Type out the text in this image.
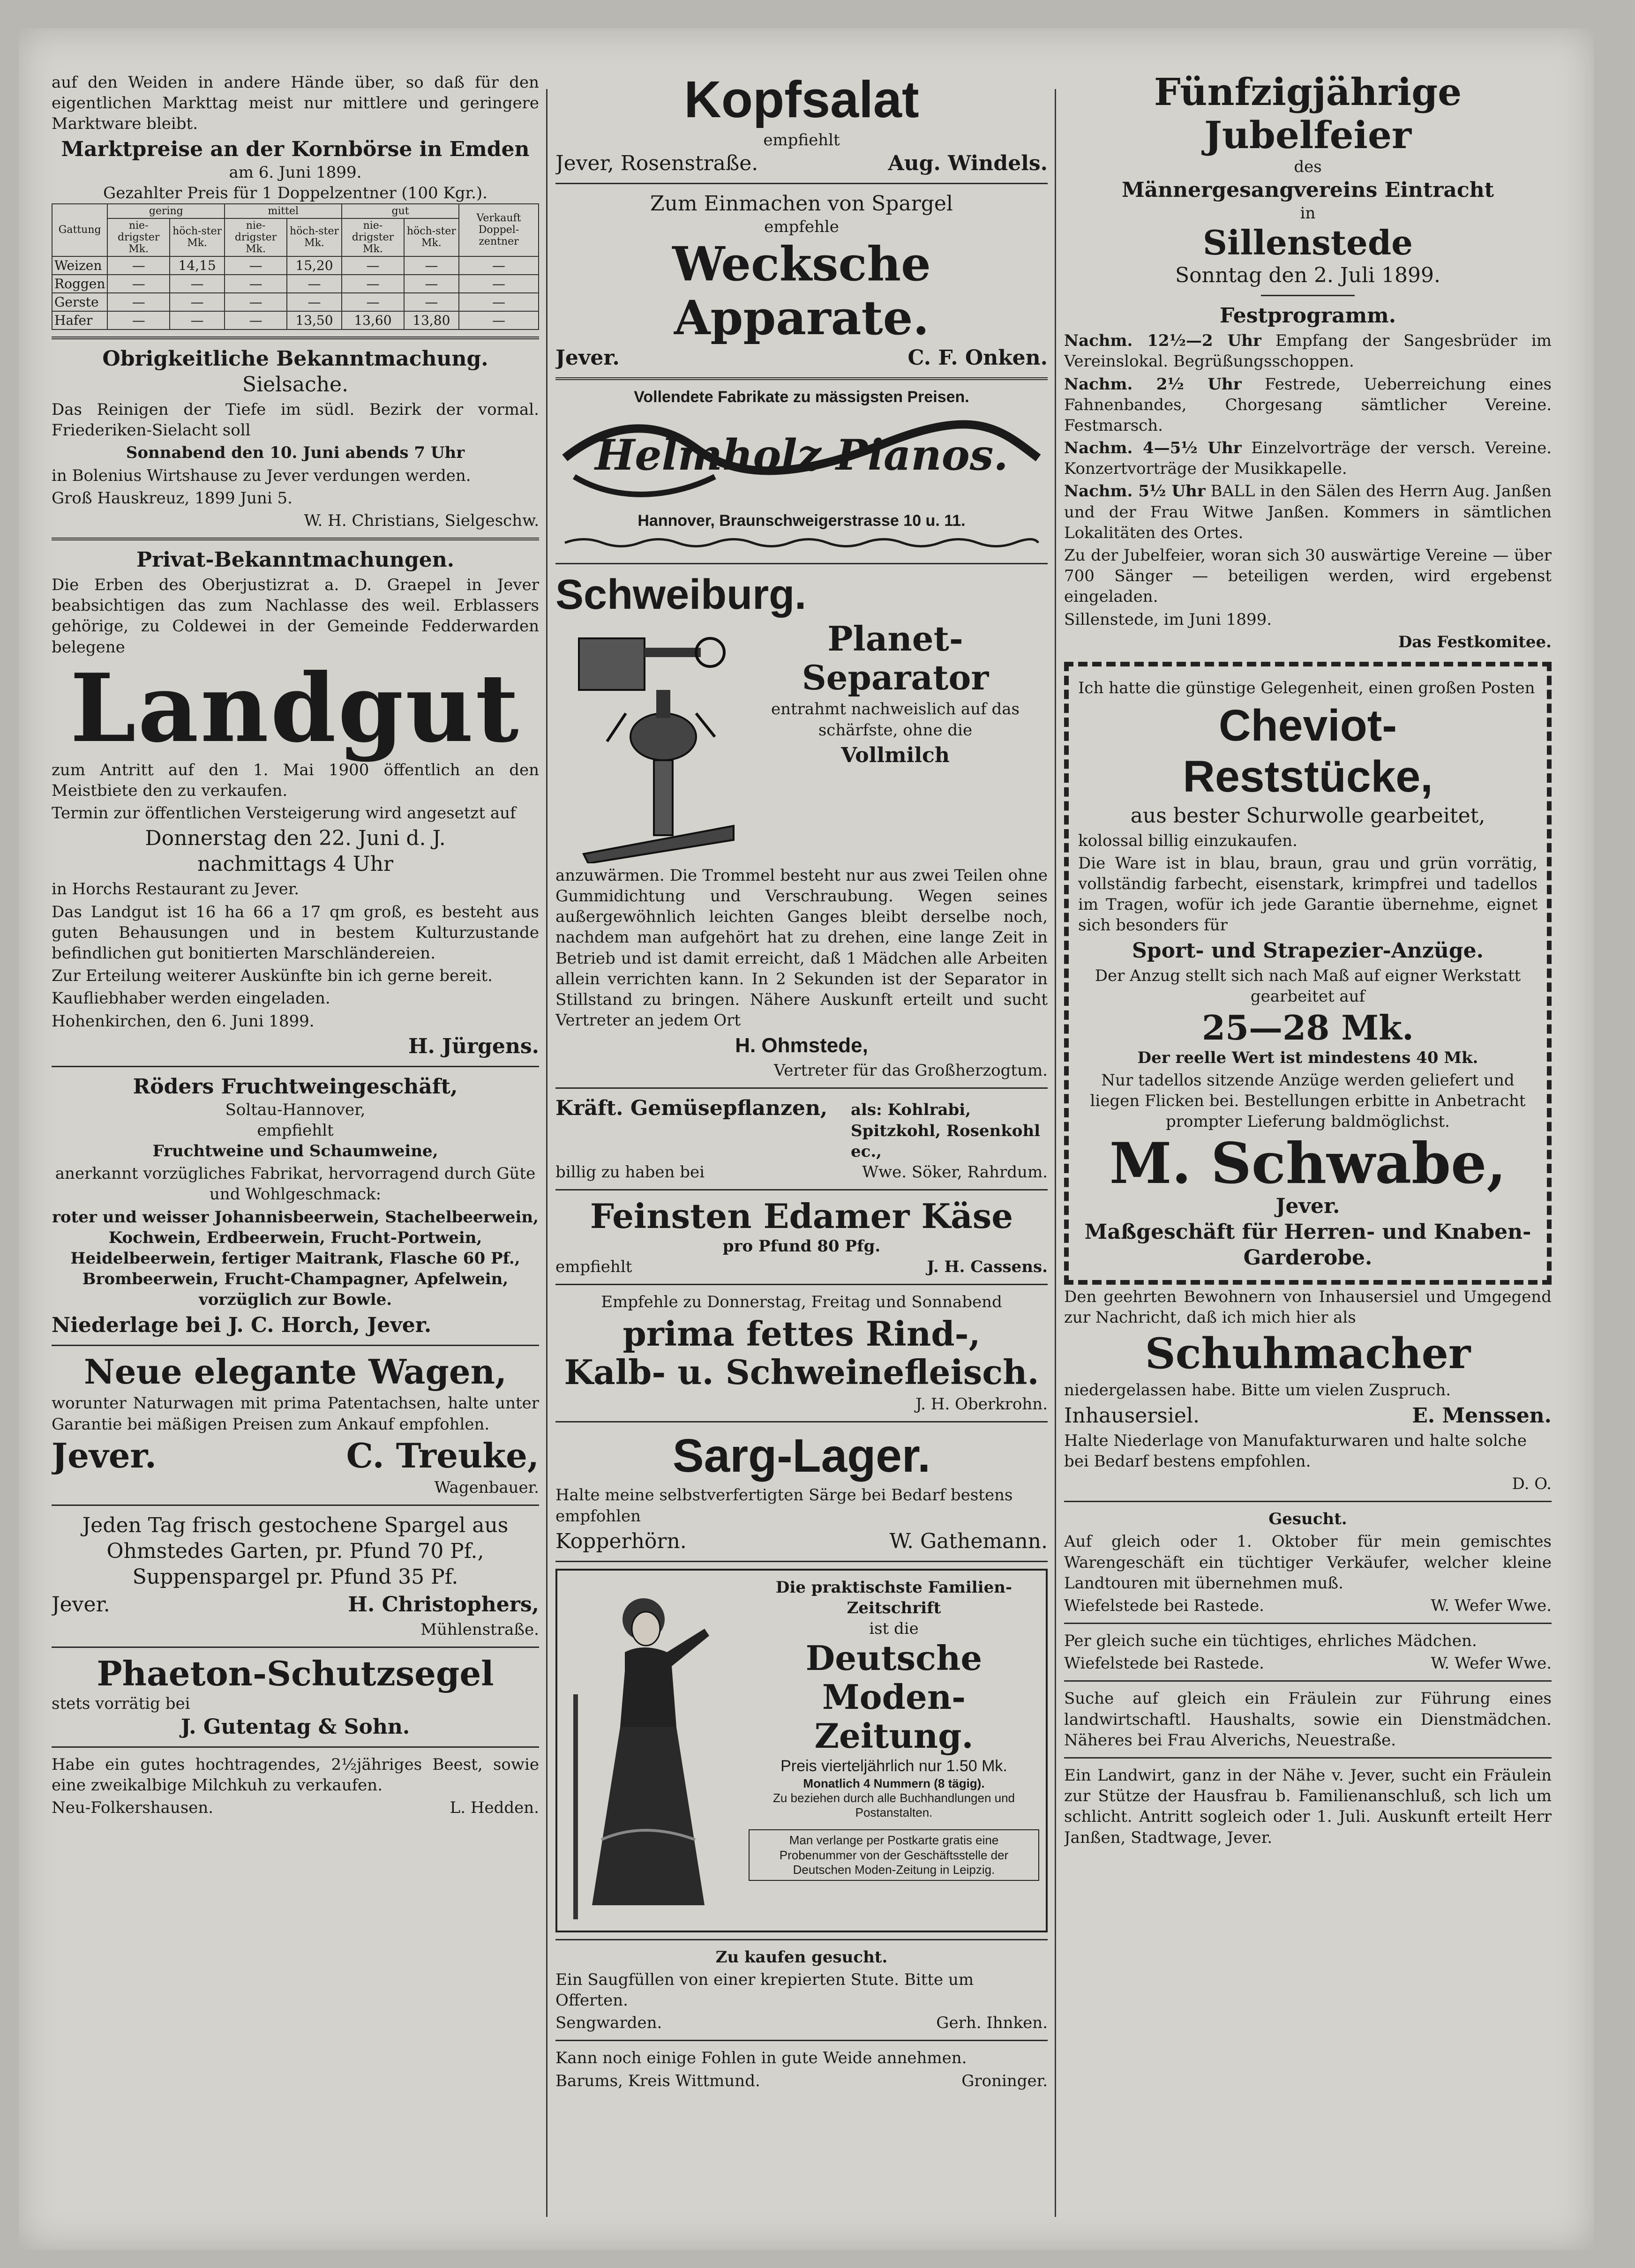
auf den Weiden in andere Hände über, so daß für den eigentlichen Markttag meist nur mittlere und geringere Marktware bleibt.

Marktpreise an der Kornbörse in Emden
am 6. Juni 1899.
Gezahlter Preis für 1 Doppelzentner (100 Kgr.).
Gattung	gering		mittel		gut		Verkauft Doppel-zentner
	nie-drigster Mk.	höch-ster Mk.	nie-drigster Mk.	höch-ster Mk.	nie-drigster Mk.	höch-ster Mk.	
Weizen	—	14,15	—	15,20	—	—	—
Roggen	—	—	—	—	—	—	—
Gerste	—	—	—	—	—	—	—
Hafer	—	—	—	13,50	13,60	13,80	—
Obrigkeitliche Bekanntmachung.
Sielsache.

Das Reinigen der Tiefe im südl. Bezirk der vormal. Friederiken-Sielacht soll

Sonnabend den 10. Juni abends 7 Uhr

in Bolenius Wirtshause zu Jever verdungen werden.

Groß Hauskreuz, 1899 Juni 5.

W. H. Christians, Sielgeschw.

Privat-Bekanntmachungen.

Die Erben des Oberjustizrat a. D. Graepel in Jever beabsichtigen das zum Nachlasse des weil. Erblassers gehörige, zu Coldewei in der Gemeinde Fedderwarden belegene

Landgut

zum Antritt auf den 1. Mai 1900 öffentlich an den Meistbiete den zu verkaufen.

Termin zur öffentlichen Versteigerung wird angesetzt auf

Donnerstag den 22. Juni d. J.
nachmittags 4 Uhr

in Horchs Restaurant zu Jever.

Das Landgut ist 16 ha 66 a 17 qm groß, es besteht aus guten Behausungen und in bestem Kulturzustande befindlichen gut bonitierten Marschländereien.

Zur Erteilung weiterer Auskünfte bin ich gerne bereit.

Kaufliebhaber werden eingeladen.

Hohenkirchen, den 6. Juni 1899.

H. Jürgens.

Röders Fruchtweingeschäft,
Soltau-Hannover,
empfiehlt
Fruchtweine und Schaumweine,

anerkannt vorzügliches Fabrikat, hervorragend durch Güte und Wohlgeschmack:

roter und weisser Johannisbeerwein, Stachelbeerwein, Kochwein, Erdbeerwein, Frucht-Portwein, Heidelbeerwein, fertiger Maitrank, Flasche 60 Pf., Brombeerwein, Frucht-Champagner, Apfelwein, vorzüglich zur Bowle.

Niederlage bei J. C. Horch, Jever.
Neue elegante Wagen,

worunter Naturwagen mit prima Patentachsen, halte unter Garantie bei mäßigen Preisen zum Ankauf empfohlen.

Jever.	C. Treuke,

Wagenbauer.

Jeden Tag frisch gestochene Spargel aus Ohmstedes Garten, pr. Pfund 70 Pf., Suppenspargel pr. Pfund 35 Pf.

Jever.	H. Christophers,

Mühlenstraße.

Phaeton-Schutzsegel
stets vorrätig bei
J. Gutentag & Sohn.

Habe ein gutes hochtragendes, 2½jähriges Beest, sowie eine zweikalbige Milchkuh zu verkaufen.

Neu-Folkershausen.	L. Hedden.
Kopfsalat
empfiehlt
Jever, Rosenstraße.	Aug. Windels.
Zum Einmachen von Spargel
empfehle
Wecksche Apparate.
Jever.	C. F. Onken.
Vollendete Fabrikate zu mässigsten Preisen.
Helmholz Pianos.
Hannover, Braunschweigerstrasse 10 u. 11.
Schweiburg.
Planet-
Separator

entrahmt nachweislich auf das schärfste, ohne die

Vollmilch

anzuwärmen. Die Trommel besteht nur aus zwei Teilen ohne Gummidichtung und Verschraubung. Wegen seines außergewöhnlich leichten Ganges bleibt derselbe noch, nachdem man aufgehört hat zu drehen, eine lange Zeit in Betrieb und ist damit erreicht, daß 1 Mädchen alle Arbeiten allein verrichten kann. In 2 Sekunden ist der Separator in Stillstand zu bringen. Nähere Auskunft erteilt und sucht Vertreter an jedem Ort

H. Ohmstede,

Vertreter für das Großherzogtum.

Kräft. Gemüsepflanzen, als: Kohlrabi, Spitzkohl, Rosenkohl ec.,
billig zu haben bei	Wwe. Söker, Rahrdum.
Feinsten Edamer Käse
pro Pfund 80 Pfg.
empfiehlt	J. H. Cassens.

Empfehle zu Donnerstag, Freitag und Sonnabend

prima fettes Rind-,
Kalb- u. Schweinefleisch.

J. H. Oberkrohn.

Sarg-Lager.

Halte meine selbstverfertigten Särge bei Bedarf bestens empfohlen

Kopperhörn.	W. Gathemann.
Die praktischste Familien-Zeitschrift
ist die
Deutsche
Moden-Zeitung.
Preis vierteljährlich nur 1.50 Mk.
Monatlich 4 Nummern (8 tägig).
Zu beziehen durch alle Buchhandlungen und Postanstalten.
Man verlange per Postkarte gratis eine Probenummer von der Geschäftsstelle der Deutschen Moden-Zeitung in Leipzig.
Zu kaufen gesucht.

Ein Saugfüllen von einer krepierten Stute. Bitte um Offerten.

Sengwarden.	Gerh. Ihnken.

Kann noch einige Fohlen in gute Weide annehmen.

Barums, Kreis Wittmund.	Groninger.
Fünfzigjährige Jubelfeier
des
Männergesangvereins Eintracht
in
Sillenstede
Sonntag den 2. Juli 1899.
Festprogramm.

Nachm. 12½—2 Uhr Empfang der Sangesbrüder im Vereinslokal. Begrüßungsschoppen.

Nachm. 2½ Uhr Festrede, Ueberreichung eines Fahnenbandes, Chorgesang sämtlicher Vereine. Festmarsch.

Nachm. 4—5½ Uhr Einzelvorträge der versch. Vereine. Konzertvorträge der Musikkapelle.

Nachm. 5½ Uhr BALL in den Sälen des Herrn Aug. Janßen und der Frau Witwe Janßen. Kommers in sämtlichen Lokalitäten des Ortes.

Zu der Jubelfeier, woran sich 30 auswärtige Vereine — über 700 Sänger — beteiligen werden, wird ergebenst eingeladen.

Sillenstede, im Juni 1899.

Das Festkomitee.

Ich hatte die günstige Gelegenheit, einen großen Posten

Cheviot-
Reststücke,
aus bester Schurwolle gearbeitet,

kolossal billig einzukaufen.

Die Ware ist in blau, braun, grau und grün vorrätig, vollständig farbecht, eisenstark, krimpfrei und tadellos im Tragen, wofür ich jede Garantie übernehme, eignet sich besonders für

Sport- und Strapezier-Anzüge.

Der Anzug stellt sich nach Maß auf eigner Werkstatt gearbeitet auf

25—28 Mk.
Der reelle Wert ist mindestens 40 Mk.

Nur tadellos sitzende Anzüge werden geliefert und liegen Flicken bei. Bestellungen erbitte in Anbetracht prompter Lieferung baldmöglichst.

M. Schwabe,
Jever.
Maßgeschäft für Herren- und Knaben-Garderobe.

Den geehrten Bewohnern von Inhausersiel und Umgegend zur Nachricht, daß ich mich hier als

Schuhmacher

niedergelassen habe. Bitte um vielen Zuspruch.

Inhausersiel.	E. Menssen.

Halte Niederlage von Manufakturwaren und halte solche bei Bedarf bestens empfohlen.

D. O.

Gesucht.

Auf gleich oder 1. Oktober für mein gemischtes Warengeschäft ein tüchtiger Verkäufer, welcher kleine Landtouren mit übernehmen muß.

Wiefelstede bei Rastede.	W. Wefer Wwe.

Per gleich suche ein tüchtiges, ehrliches Mädchen.

Wiefelstede bei Rastede.	W. Wefer Wwe.

Suche auf gleich ein Fräulein zur Führung eines landwirtschaftl. Haushalts, sowie ein Dienstmädchen. Näheres bei Frau Alverichs, Neuestraße.

Ein Landwirt, ganz in der Nähe v. Jever, sucht ein Fräulein zur Stütze der Hausfrau b. Familienanschluß, sch lich um schlicht. Antritt sogleich oder 1. Juli. Auskunft erteilt Herr Janßen, Stadtwage, Jever.
